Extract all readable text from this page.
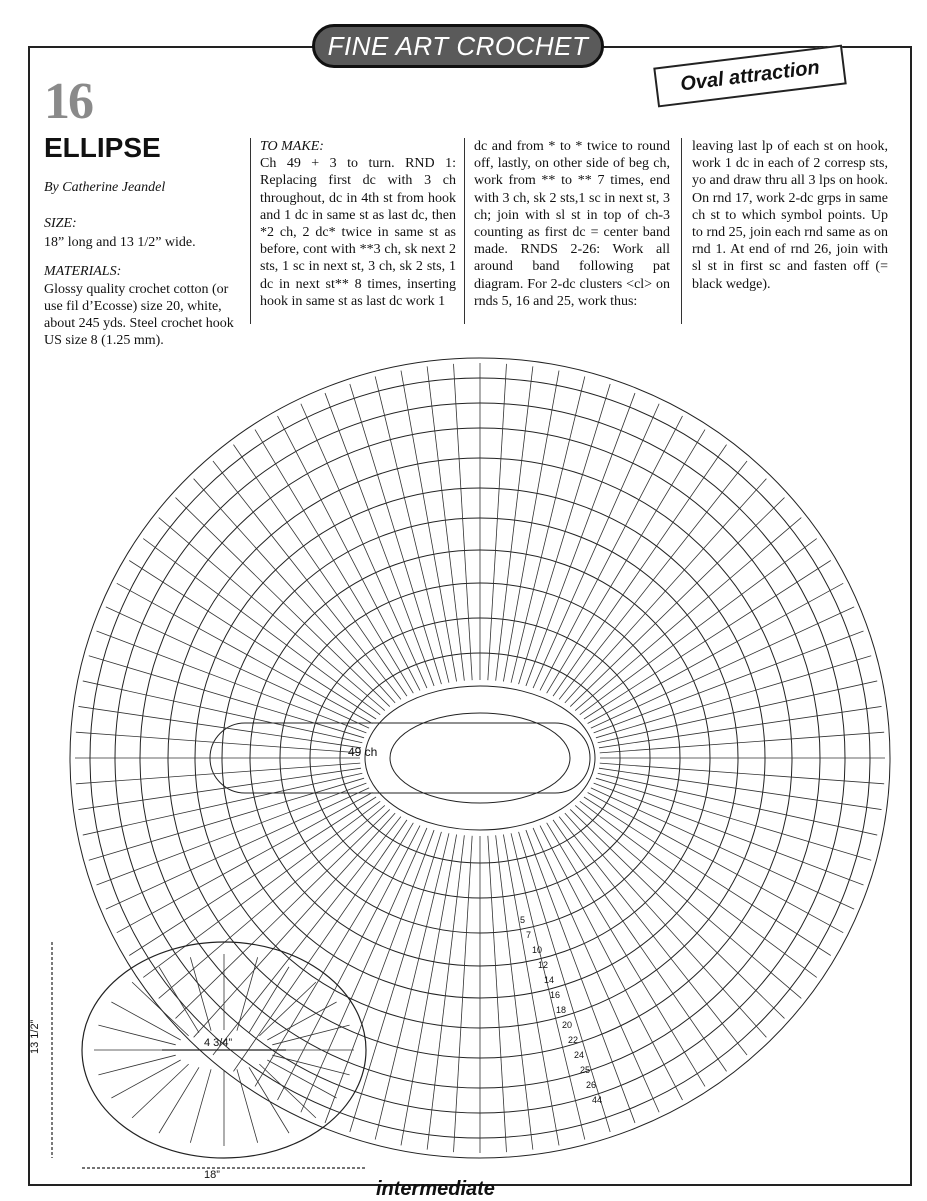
FINE ART CROCHET
Oval attraction
16
ELLIPSE
By Catherine Jeandel
SIZE:
18” long and 13 1/2” wide.
MATERIALS:
Glossy quality crochet cotton (or use fil d’Ecosse) size 20, white, about 245 yds. Steel crochet hook US size 8 (1.25 mm).
TO MAKE:
Ch 49 + 3 to turn. RND 1: Replacing first dc with 3 ch throughout, dc in 4th st from hook and 1 dc in same st as last dc, then *2 ch, 2 dc* twice in same st as before, cont with **3 ch, sk next 2 sts, 1 sc in next st, 3 ch, sk 2 sts, 1 dc in next st** 8 times, inserting hook in same st as last dc work 1
dc and from * to * twice to round off, lastly, on other side of beg ch, work from ** to ** 7 times, end with 3 ch, sk 2 sts,1 sc in next st, 3 ch; join with sl st in top of ch-3 counting as first dc = center band made. RNDS 2-26: Work all around band following pat diagram. For 2-dc clusters <cl> on rnds 5, 16 and 25, work thus:
leaving last lp of each st on hook, work 1 dc in each of 2 corresp sts, yo and draw thru all 3 lps on hook. On rnd 17, work 2-dc grps in same ch st to which symbol points. Up to rnd 25, join each rnd same as on rnd 1. At end of rnd 26, join with sl st in first sc and fasten off (= black wedge).
49 ch
5
7
10
12
14
16
18
20
22
24
25
26
44
13 1/2”
18”
4 3/4”
intermediate
